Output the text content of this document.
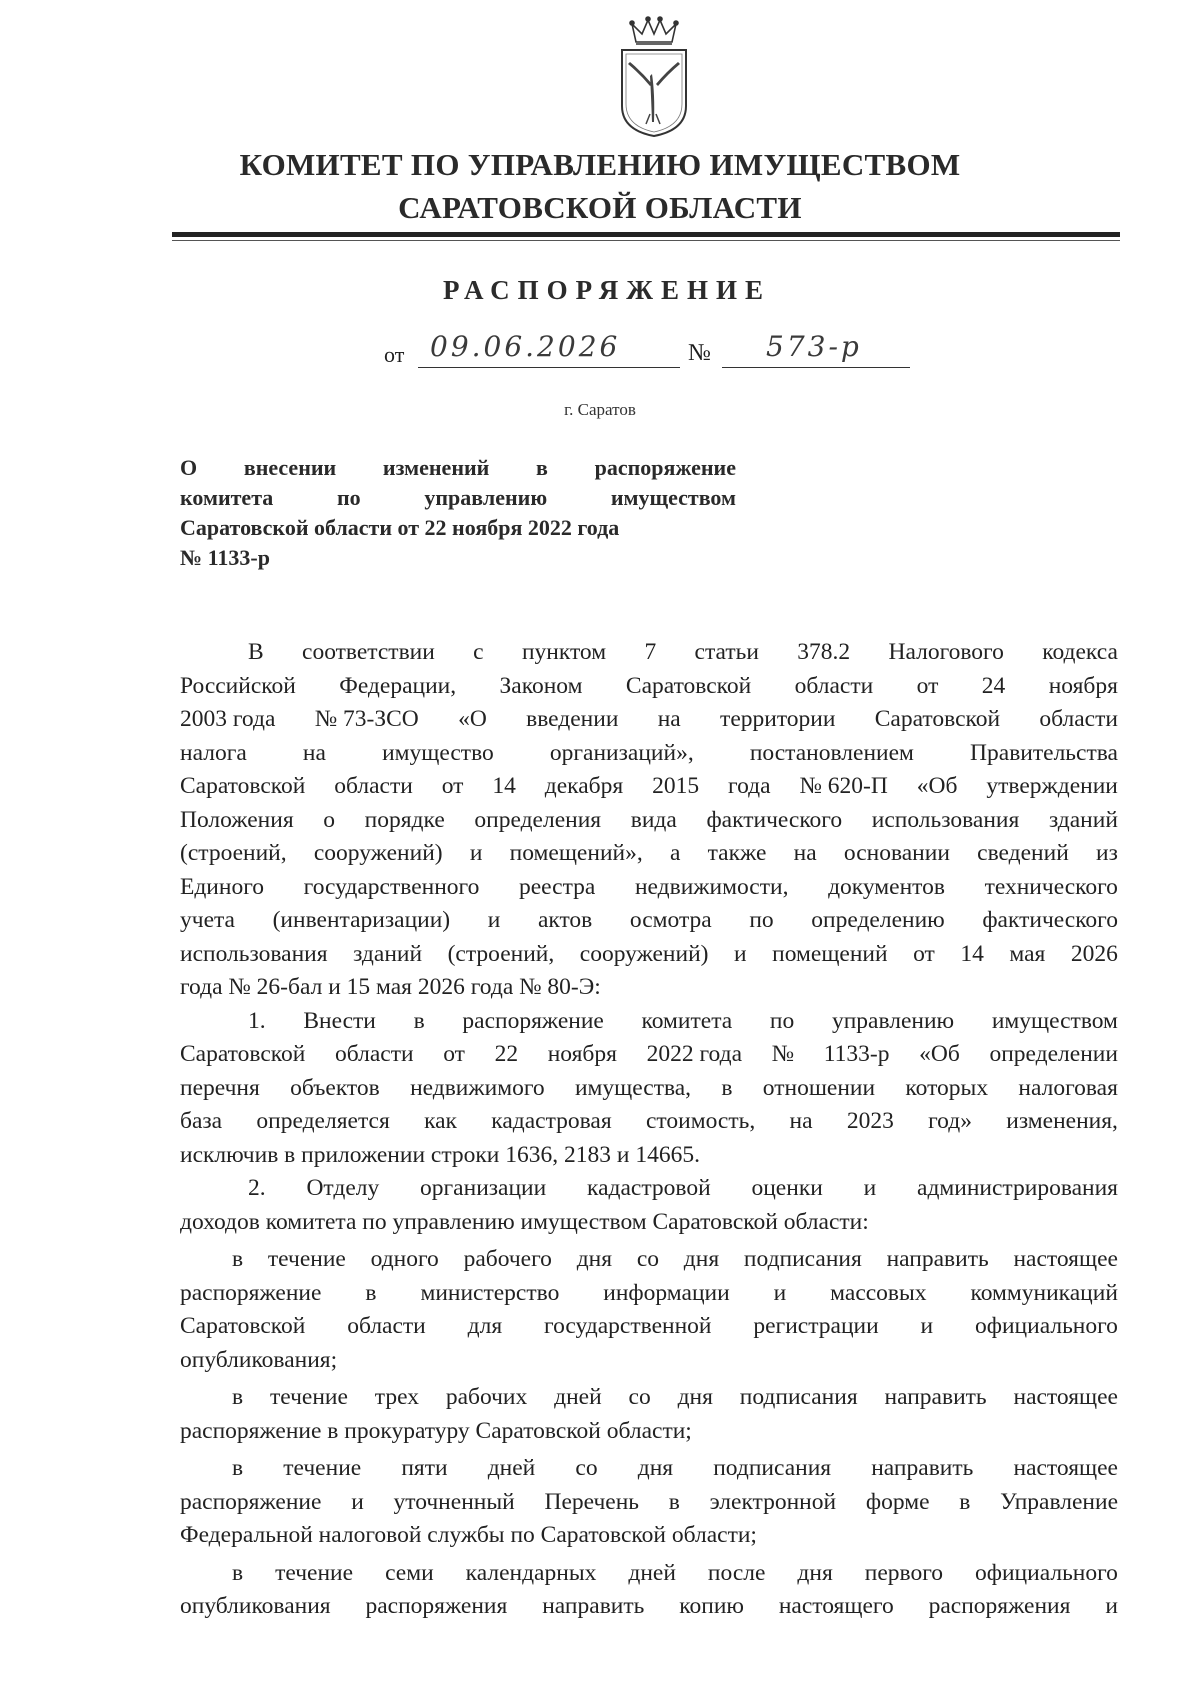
КОМИТЕТ ПО УПРАВЛЕНИЮ ИМУЩЕСТВОМ
САРАТОВСКОЙ ОБЛАСТИ
РАСПОРЯЖЕНИЕ
от 09.06.2026	№	573-р
г. Саратов
О внесении изменений в распоряжение
комитета	по	управлению	имуществом
Саратовской области от 22 ноября 2022 года
№ 1133-р
В соответствии с пунктом 7 статьи 378.2 Налогового кодекса
Российской Федерации, Законом Саратовской области от 24 ноября
2003 года № 73-ЗСО «О введении на территории Саратовской области
налога на имущество организаций», постановлением Правительства
Саратовской области от 14 декабря 2015 года № 620-П «Об утверждении
Положения о порядке определения вида фактического использования зданий
(строений, сооружений) и помещений», а также на основании сведений из
Единого государственного реестра недвижимости, документов технического
учета (инвентаризации) и актов осмотра по определению фактического
использования зданий (строений, сооружений) и помещений от 14 мая 2026
года № 26-бал и 15 мая 2026 года № 80-Э:
1. Внести в распоряжение комитета по управлению имуществом
Саратовской области от 22 ноября 2022 года № 1133-р «Об определении
перечня объектов недвижимого имущества, в отношении которых налоговая
база определяется как кадастровая стоимость, на 2023 год» изменения,
исключив в приложении строки 1636, 2183 и 14665.
2. Отделу организации кадастровой оценки и администрирования
доходов комитета по управлению имуществом Саратовской области:
в течение одного рабочего дня со дня подписания направить настоящее
распоряжение в министерство информации и массовых коммуникаций
Саратовской области для государственной регистрации и официального
опубликования;
в течение трех рабочих дней со дня подписания направить настоящее
распоряжение в прокуратуру Саратовской области;
в течение пяти дней со дня подписания направить настоящее
распоряжение и уточненный Перечень в электронной форме в Управление
Федеральной налоговой службы по Саратовской области;
в течение семи календарных дней после дня первого официального
опубликования распоряжения направить копию настоящего распоряжения и
